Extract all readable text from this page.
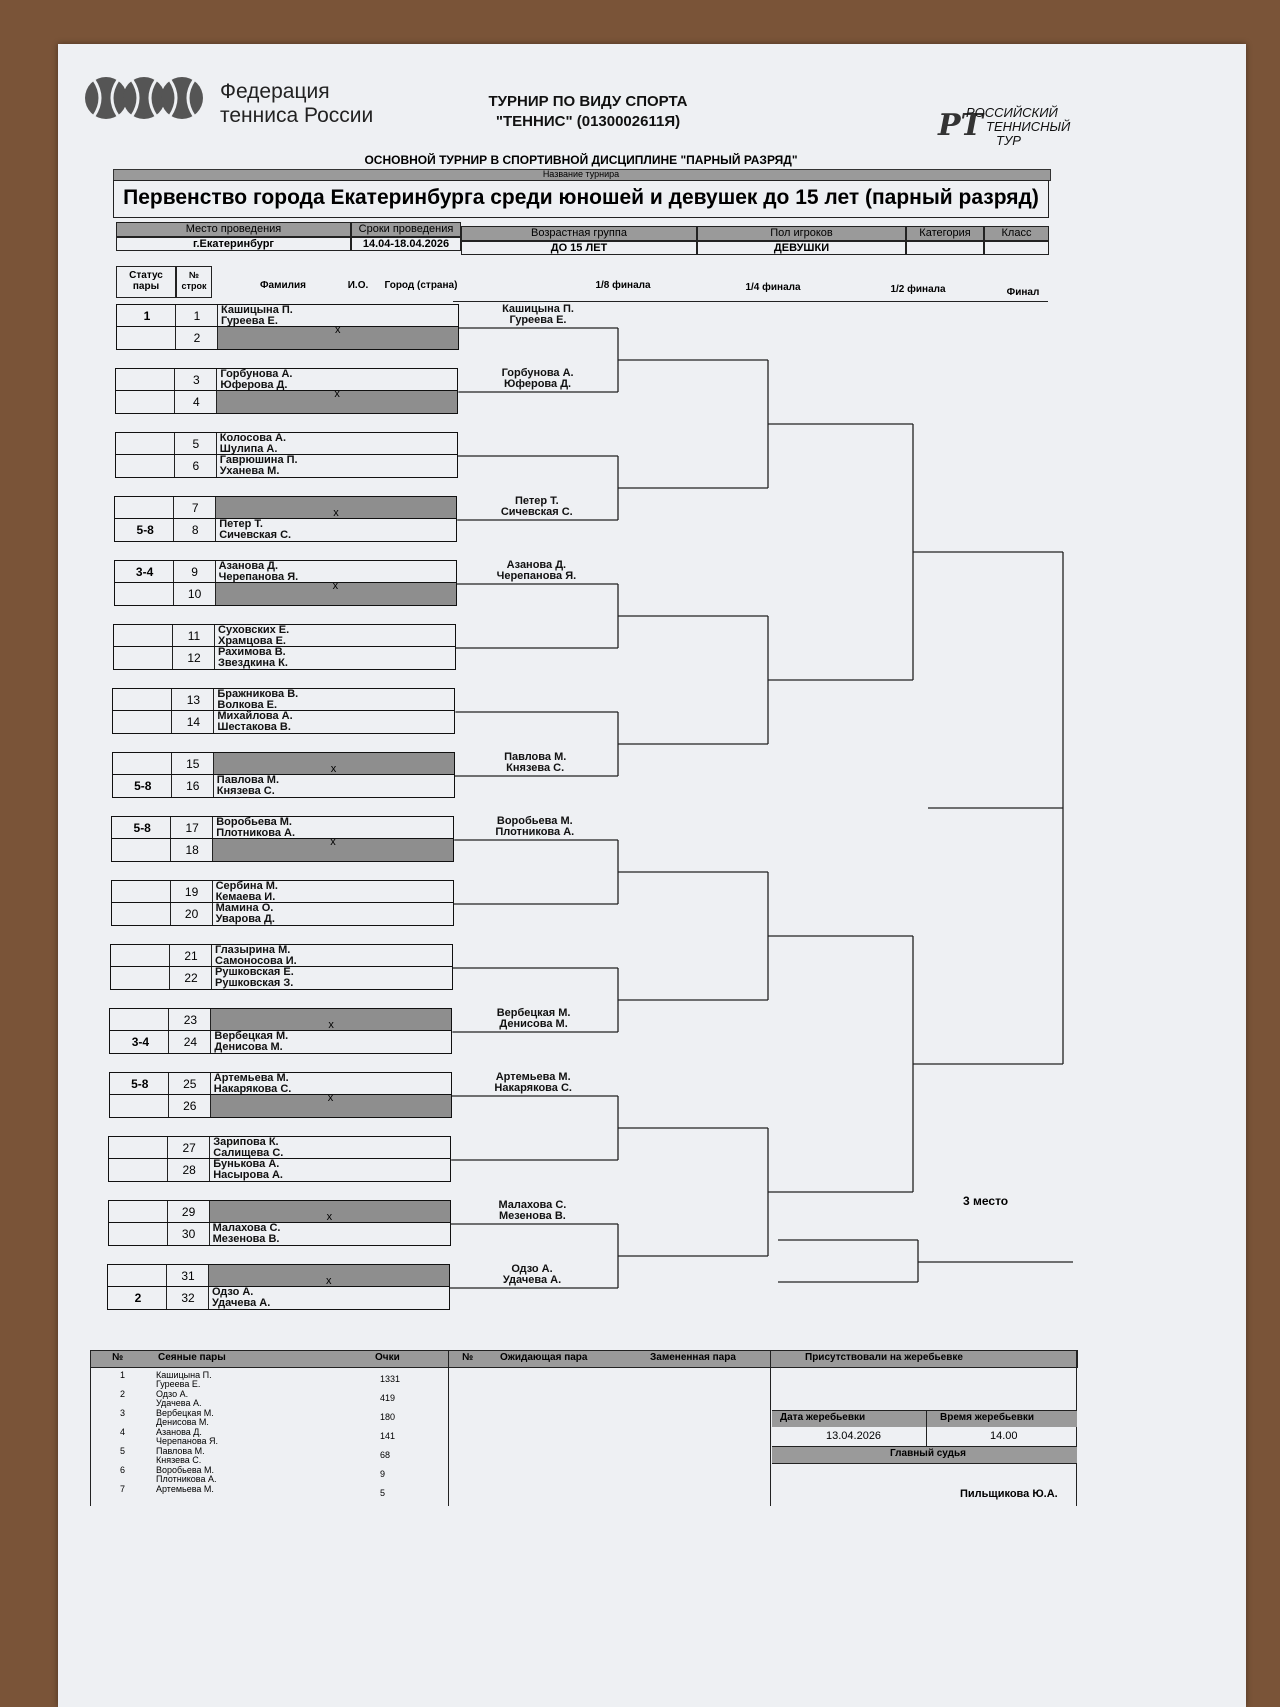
Федерация
тенниса России
ТУРНИР ПО ВИДУ СПОРТА
"ТЕННИС" (0130002611Я)	РТ
РОССИЙСКИЙ
ТЕННИСНЫЙ
ТУР
ОСНОВНОЙ ТУРНИР В СПОРТИВНОЙ ДИСЦИПЛИНЕ "ПАРНЫЙ РАЗРЯД"
Название турнира
Первенство города Екатеринбурга среди юношей и девушек до 15 лет (парный разряд)
Место проведения
г.Екатеринбург
Сроки проведения
14.04-18.04.2026
Возрастная группа
ДО 15 ЛЕТ
Пол игроков
ДЕВУШКИ
Категория	Класс
Статус пары
№ строк	Фамилия	И.О.	Город (страна)	1/8 финала	1/4 финала	1/2 финала	Финал
1	1	Кашицына П.
Гуреева Е.
2
x
3	Горбунова А.
Юферова Д.
4
x
5	Колосова А.
Шулипа А.
6	Гаврюшина П.
Уханева М.
7	x
5-8	8	Петер Т.
Сичевская С.
3-4	9	Азанова Д.
Черепанова Я.
10
x
11	Суховских Е.
Храмцова Е.
12	Рахимова В.
Звездкина К.
13	Бражникова В.
Волкова Е.
14	Михайлова А.
Шестакова В.
15	x
5-8	16	Павлова М.
Князева С.
5-8	17	Воробьева М.
Плотникова А.
18
x
19	Сербина М.
Кемаева И.
20	Мамина О.
Уварова Д.
21	Глазырина М.
Самоносова И.
22	Рушковская Е.
Рушковская З.
23	x
3-4	24	Вербецкая М.
Денисова М.
5-8	25	Артемьева М.
Накарякова С.
26
x
27	Зарипова К.
Салищева С.
28	Бунькова А.
Насырова А.
29	x
30	Малахова С.
Мезенова В.
31	x
2	32	Одзо А.
Удачева А.
Кашицына П.
Гуреева Е.
Горбунова А.
Юферова Д.
Петер Т.
Сичевская С.
Азанова Д.
Черепанова Я.
Павлова М.
Князева С.
Воробьева М.
Плотникова А.
Вербецкая М.
Денисова М.
Артемьева М.
Накарякова С.
Малахова С.
Мезенова В.
Одзо А.
Удачева А.
3 место
№	Сеяные пары	Очки	№	Ожидающая пара	Замененная пара	Присутствовали на жеребьевке
1	Кашицына П.
Гуреева Е.	1331
2	Одзо А.
Удачева А.	419
3	Вербецкая М.
Денисова М.	180
4	Азанова Д.
Черепанова Я.	141
5	Павлова М.
Князева С.	68
6	Воробьева М.
Плотникова А.	9
7	Артемьева М.	5
Дата жеребьевки	Время жеребьевки
13.04.2026	14.00
Главный судья
Пильщикова Ю.А.
